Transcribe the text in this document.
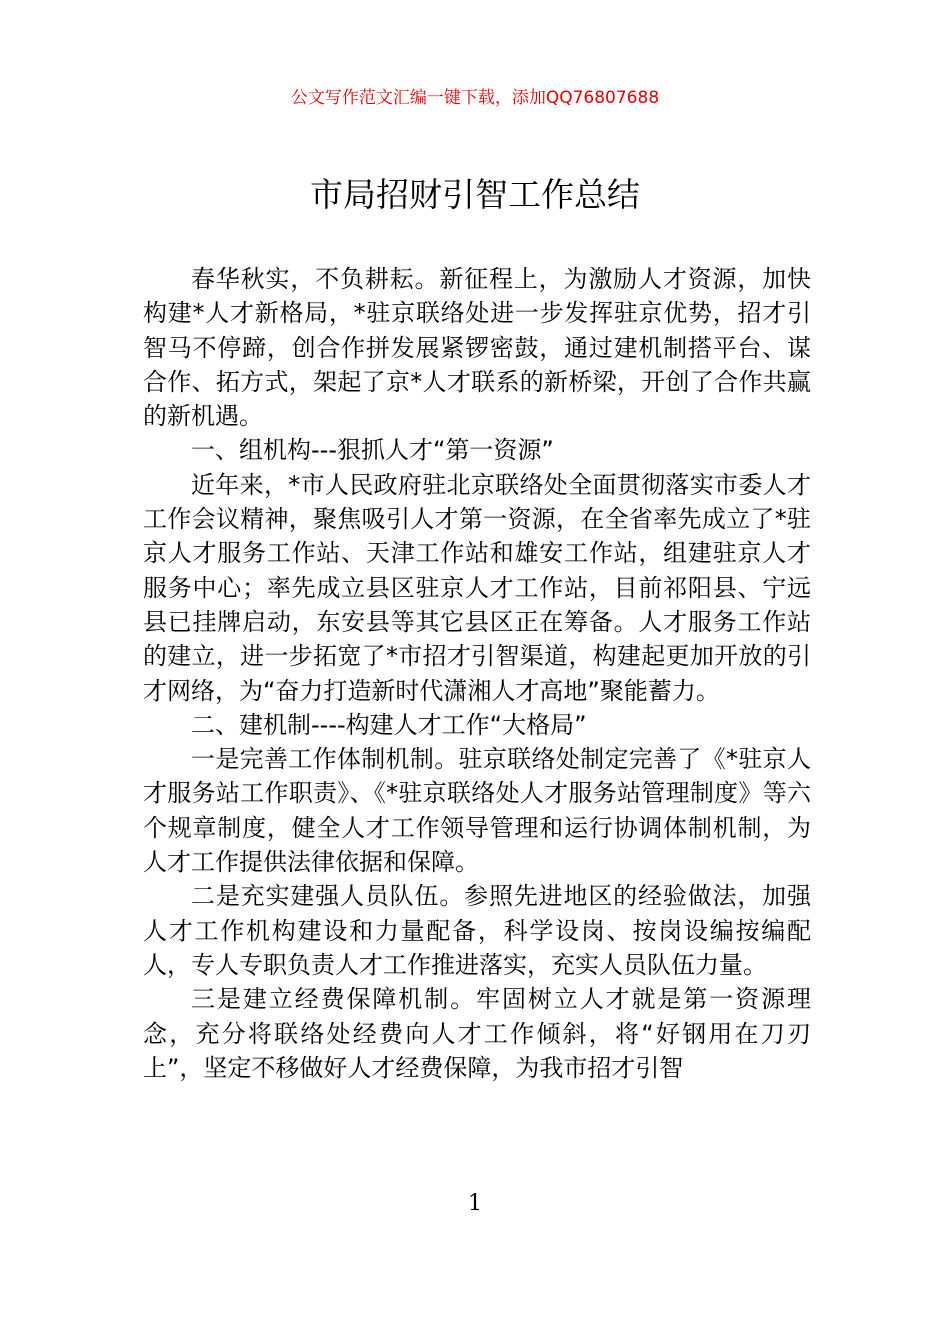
公文写作范文汇编一键下载，添加QQ76807688
市局招财引智工作总结

春华秋实，不负耕耘。新征程上，为激励人才资源，加快构建*人才新格局，*驻京联络处进一步发挥驻京优势，招才引智马不停蹄，创合作拼发展紧锣密鼓，通过建机制搭平台、谋合作、拓方式，架起了京*人才联系的新桥梁，开创了合作共赢的新机遇。

一、组机构---狠抓人才“第一资源”

近年来，*市人民政府驻北京联络处全面贯彻落实市委人才工作会议精神，聚焦吸引人才第一资源，在全省率先成立了*驻京人才服务工作站、天津工作站和雄安工作站，组建驻京人才服务中心；率先成立县区驻京人才工作站，目前祁阳县、宁远县已挂牌启动，东安县等其它县区正在筹备。人才服务工作站的建立，进一步拓宽了*市招才引智渠道，构建起更加开放的引才网络，为“奋力打造新时代潇湘人才高地”聚能蓄力。

二、建机制----构建人才工作“大格局”

一是完善工作体制机制。驻京联络处制定完善了《*驻京人才服务站工作职责》、《*驻京联络处人才服务站管理制度》等六个规章制度，健全人才工作领导管理和运行协调体制机制，为人才工作提供法律依据和保障。

二是充实建强人员队伍。参照先进地区的经验做法，加强人才工作机构建设和力量配备，科学设岗、按岗设编按编配人，专人专职负责人才工作推进落实，充实人员队伍力量。

三是建立经费保障机制。牢固树立人才就是第一资源理念，充分将联络处经费向人才工作倾斜，将“好钢用在刀刃上”，坚定不移做好人才经费保障，为我市招才引智

1
